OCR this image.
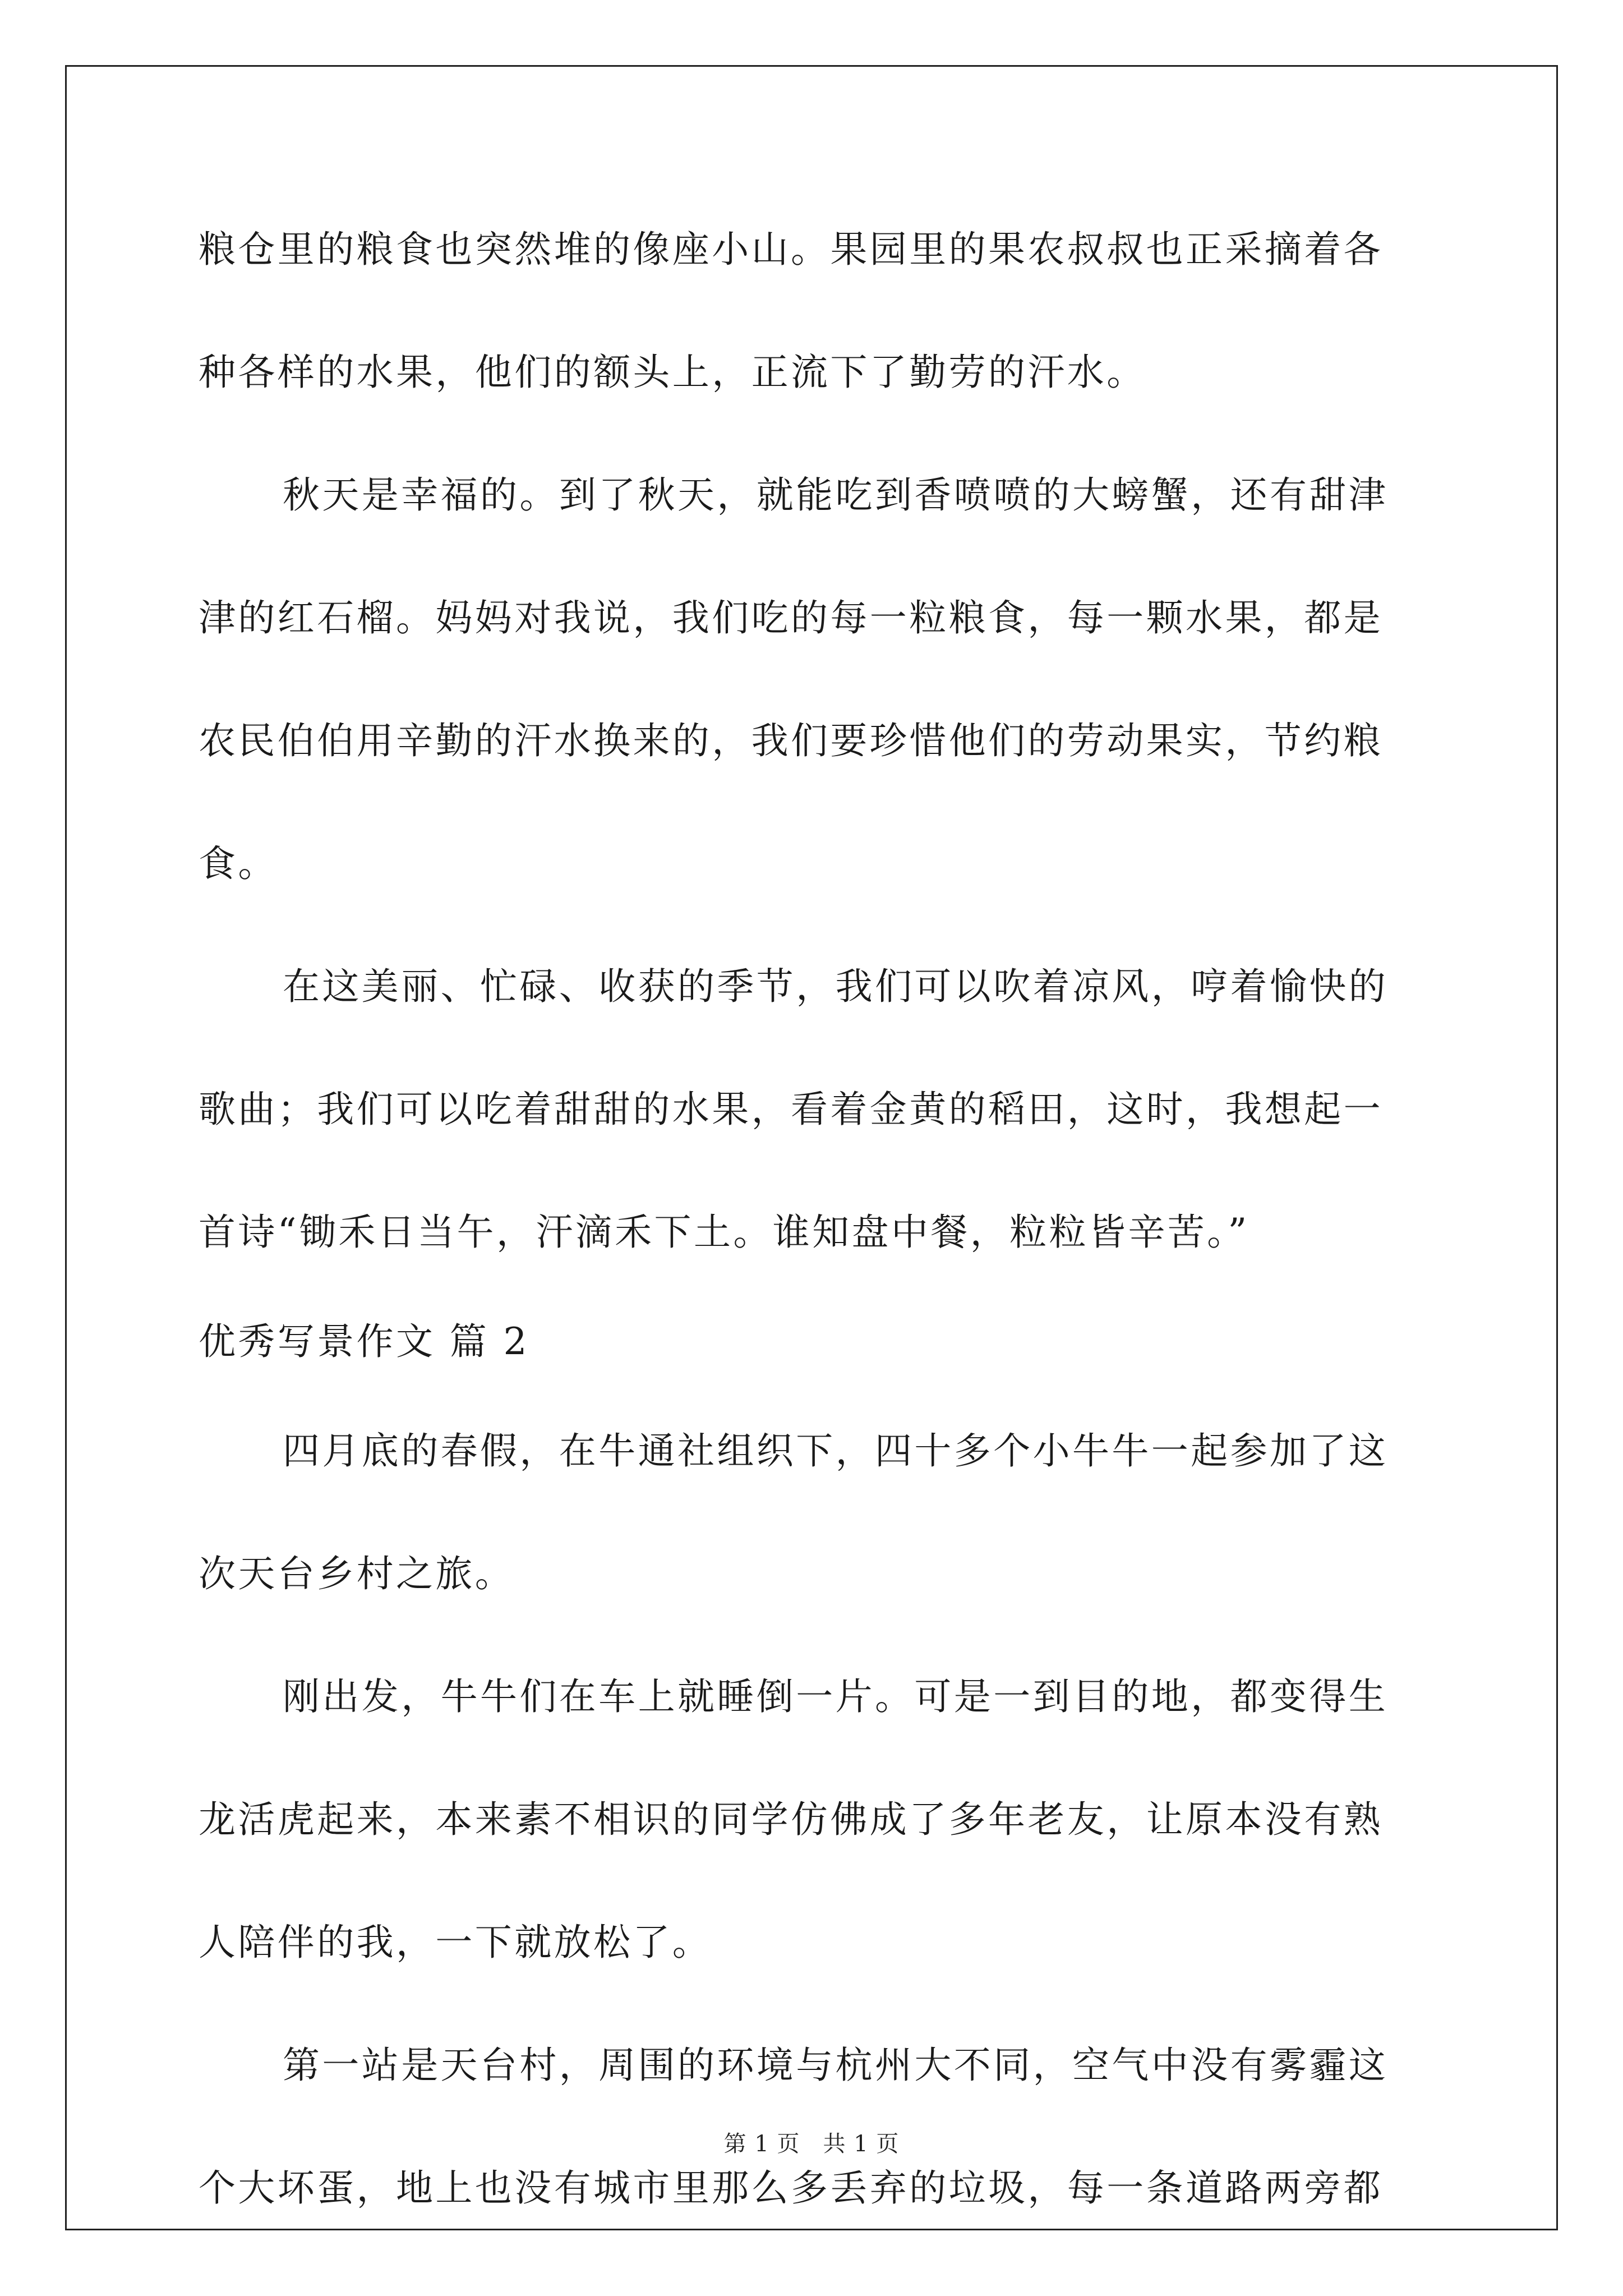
粮仓里的粮食也突然堆的像座小山。果园里的果农叔叔也正采摘着各
种各样的水果，他们的额头上，正流下了勤劳的汗水。
秋天是幸福的。到了秋天，就能吃到香喷喷的大螃蟹，还有甜津
津的红石榴。妈妈对我说，我们吃的每一粒粮食，每一颗水果，都是
农民伯伯用辛勤的汗水换来的，我们要珍惜他们的劳动果实，节约粮
食。
在这美丽、忙碌、收获的季节，我们可以吹着凉风，哼着愉快的
歌曲；我们可以吃着甜甜的水果，看着金黄的稻田，这时，我想起一
首诗“锄禾日当午，汗滴禾下土。谁知盘中餐，粒粒皆辛苦。”
优秀写景作文 篇 2
四月底的春假，在牛通社组织下，四十多个小牛牛一起参加了这
次天台乡村之旅。
刚出发，牛牛们在车上就睡倒一片。可是一到目的地，都变得生
龙活虎起来，本来素不相识的同学仿佛成了多年老友，让原本没有熟
人陪伴的我，一下就放松了。
第一站是天台村，周围的环境与杭州大不同，空气中没有雾霾这
个大坏蛋，地上也没有城市里那么多丢弃的垃圾，每一条道路两旁都
第 1 页　共 1 页
